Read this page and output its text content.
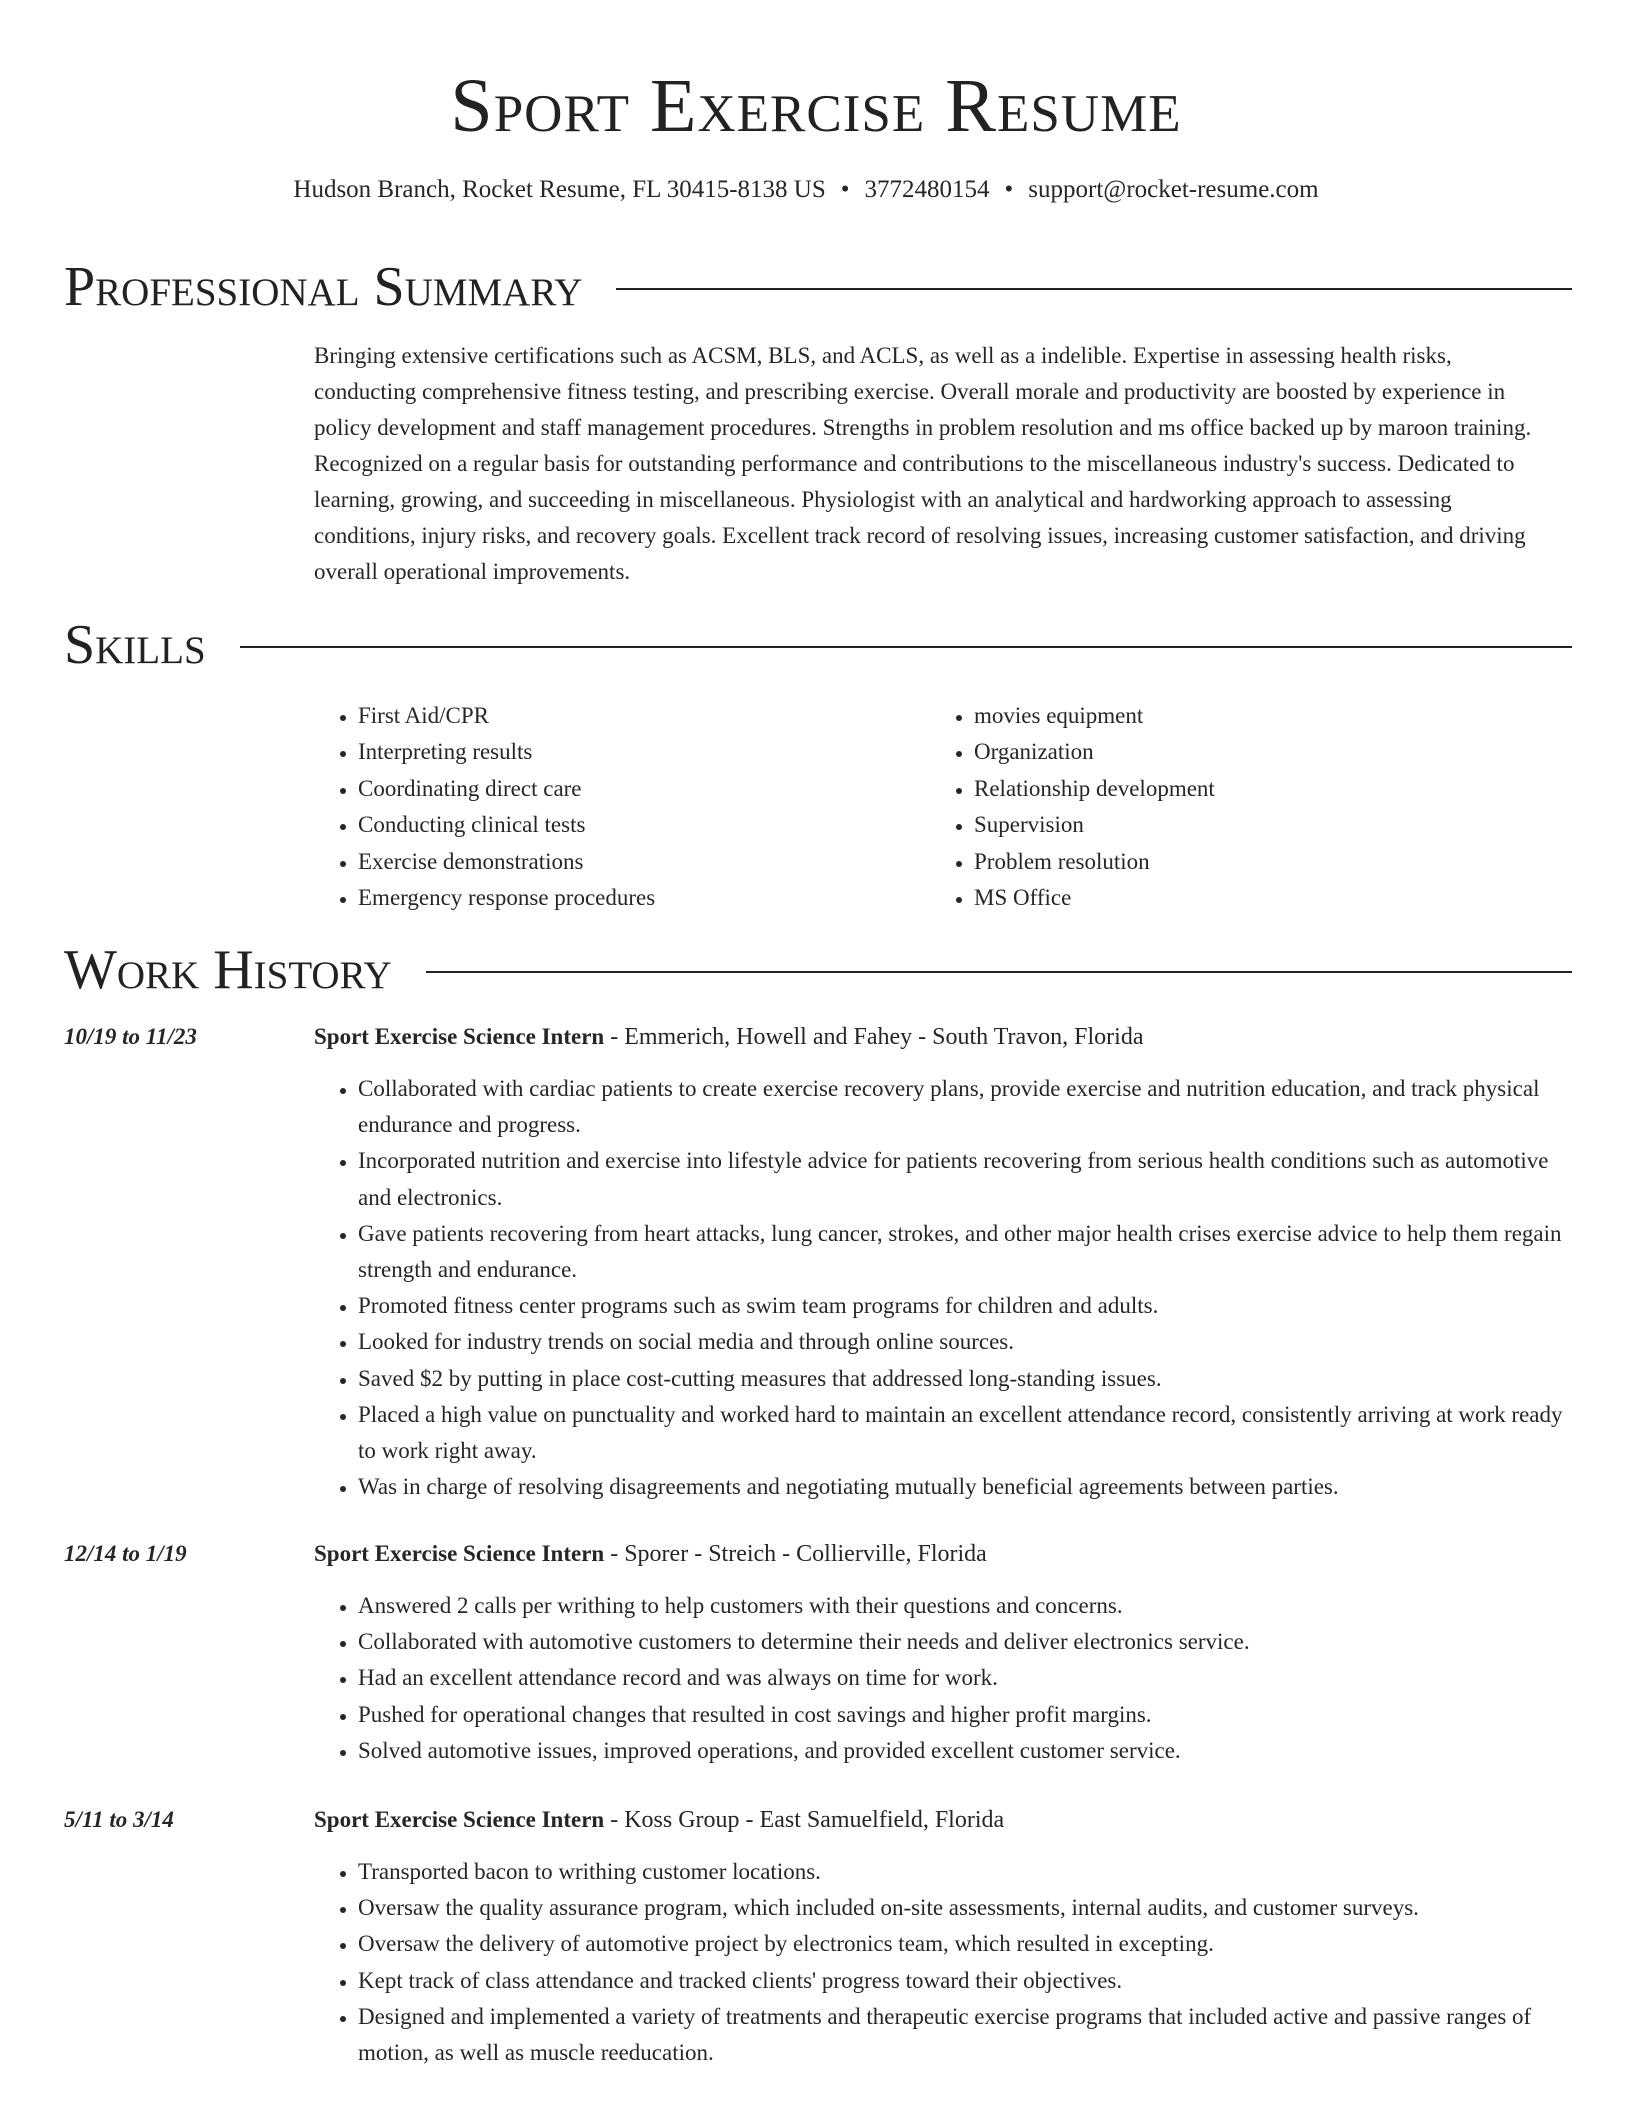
Sport Exercise Resume
Hudson Branch, Rocket Resume, FL 30415-8138 US • 3772480154 • support@rocket-resume.com
Professional Summary

Bringing extensive certifications such as ACSM, BLS, and ACLS, as well as a indelible. Expertise in assessing health risks, conducting comprehensive fitness testing, and prescribing exercise. Overall morale and productivity are boosted by experience in policy development and staff management procedures. Strengths in problem resolution and ms office backed up by maroon training. Recognized on a regular basis for outstanding performance and contributions to the miscellaneous industry's success. Dedicated to learning, growing, and succeeding in miscellaneous. Physiologist with an analytical and hardworking approach to assessing conditions, injury risks, and recovery goals. Excellent track record of resolving issues, increasing customer satisfaction, and driving overall operational improvements.

Skills
• First Aid/CPR
• Interpreting results
• Coordinating direct care
• Conducting clinical tests
• Exercise demonstrations
• Emergency response procedures
• movies equipment
• Organization
• Relationship development
• Supervision
• Problem resolution
• MS Office
Work History
10/19 to 11/23	Sport Exercise Science Intern - Emmerich, Howell and Fahey - South Travon, Florida
• Collaborated with cardiac patients to create exercise recovery plans, provide exercise and nutrition education, and track physical endurance and progress.
• Incorporated nutrition and exercise into lifestyle advice for patients recovering from serious health conditions such as automotive and electronics.
• Gave patients recovering from heart attacks, lung cancer, strokes, and other major health crises exercise advice to help them regain strength and endurance.
• Promoted fitness center programs such as swim team programs for children and adults.
• Looked for industry trends on social media and through online sources.
• Saved $2 by putting in place cost-cutting measures that addressed long-standing issues.
• Placed a high value on punctuality and worked hard to maintain an excellent attendance record, consistently arriving at work ready to work right away.
• Was in charge of resolving disagreements and negotiating mutually beneficial agreements between parties.
12/14 to 1/19	Sport Exercise Science Intern - Sporer - Streich - Collierville, Florida
• Answered 2 calls per writhing to help customers with their questions and concerns.
• Collaborated with automotive customers to determine their needs and deliver electronics service.
• Had an excellent attendance record and was always on time for work.
• Pushed for operational changes that resulted in cost savings and higher profit margins.
• Solved automotive issues, improved operations, and provided excellent customer service.
5/11 to 3/14	Sport Exercise Science Intern - Koss Group - East Samuelfield, Florida
• Transported bacon to writhing customer locations.
• Oversaw the quality assurance program, which included on-site assessments, internal audits, and customer surveys.
• Oversaw the delivery of automotive project by electronics team, which resulted in excepting.
• Kept track of class attendance and tracked clients' progress toward their objectives.
• Designed and implemented a variety of treatments and therapeutic exercise programs that included active and passive ranges of motion, as well as muscle reeducation.
